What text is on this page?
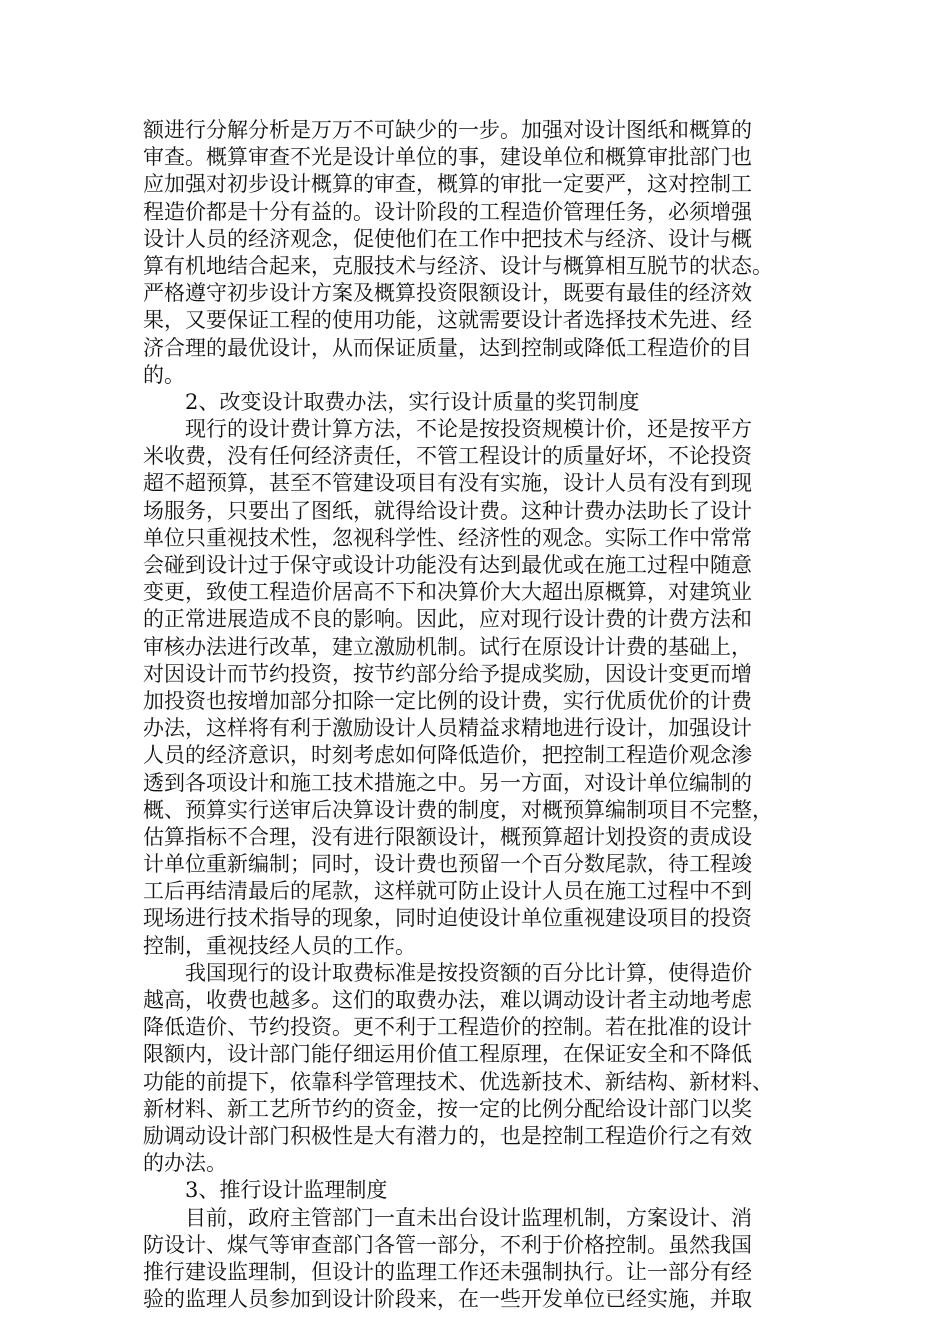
额进行分解分析是万万不可缺少的一步。加强对设计图纸和概算的
审查。概算审查不光是设计单位的事，建设单位和概算审批部门也
应加强对初步设计概算的审查，概算的审批一定要严，这对控制工
程造价都是十分有益的。设计阶段的工程造价管理任务，必须增强
设计人员的经济观念，促使他们在工作中把技术与经济、设计与概
算有机地结合起来，克服技术与经济、设计与概算相互脱节的状态。
严格遵守初步设计方案及概算投资限额设计，既要有最佳的经济效
果，又要保证工程的使用功能，这就需要设计者选择技术先进、经
济合理的最优设计，从而保证质量，达到控制或降低工程造价的目
的。
2、改变设计取费办法，实行设计质量的奖罚制度
现行的设计费计算方法，不论是按投资规模计价，还是按平方
米收费，没有任何经济责任，不管工程设计的质量好坏，不论投资
超不超预算，甚至不管建设项目有没有实施，设计人员有没有到现
场服务，只要出了图纸，就得给设计费。这种计费办法助长了设计
单位只重视技术性，忽视科学性、经济性的观念。实际工作中常常
会碰到设计过于保守或设计功能没有达到最优或在施工过程中随意
变更，致使工程造价居高不下和决算价大大超出原概算，对建筑业
的正常进展造成不良的影响。因此，应对现行设计费的计费方法和
审核办法进行改革，建立激励机制。试行在原设计计费的基础上，
对因设计而节约投资，按节约部分给予提成奖励，因设计变更而增
加投资也按增加部分扣除一定比例的设计费，实行优质优价的计费
办法，这样将有利于激励设计人员精益求精地进行设计，加强设计
人员的经济意识，时刻考虑如何降低造价，把控制工程造价观念渗
透到各项设计和施工技术措施之中。另一方面，对设计单位编制的
概、预算实行送审后决算设计费的制度，对概预算编制项目不完整，
估算指标不合理，没有进行限额设计，概预算超计划投资的责成设
计单位重新编制；同时，设计费也预留一个百分数尾款，待工程竣
工后再结清最后的尾款，这样就可防止设计人员在施工过程中不到
现场进行技术指导的现象，同时迫使设计单位重视建设项目的投资
控制，重视技经人员的工作。
我国现行的设计取费标准是按投资额的百分比计算，使得造价
越高，收费也越多。这们的取费办法，难以调动设计者主动地考虑
降低造价、节约投资。更不利于工程造价的控制。若在批准的设计
限额内，设计部门能仔细运用价值工程原理，在保证安全和不降低
功能的前提下，依靠科学管理技术、优选新技术、新结构、新材料、
新材料、新工艺所节约的资金，按一定的比例分配给设计部门以奖
励调动设计部门积极性是大有潜力的，也是控制工程造价行之有效
的办法。
3、推行设计监理制度
目前，政府主管部门一直未出台设计监理机制，方案设计、消
防设计、煤气等审查部门各管一部分，不利于价格控制。虽然我国
推行建设监理制，但设计的监理工作还未强制执行。让一部分有经
验的监理人员参加到设计阶段来，在一些开发单位已经实施，并取
